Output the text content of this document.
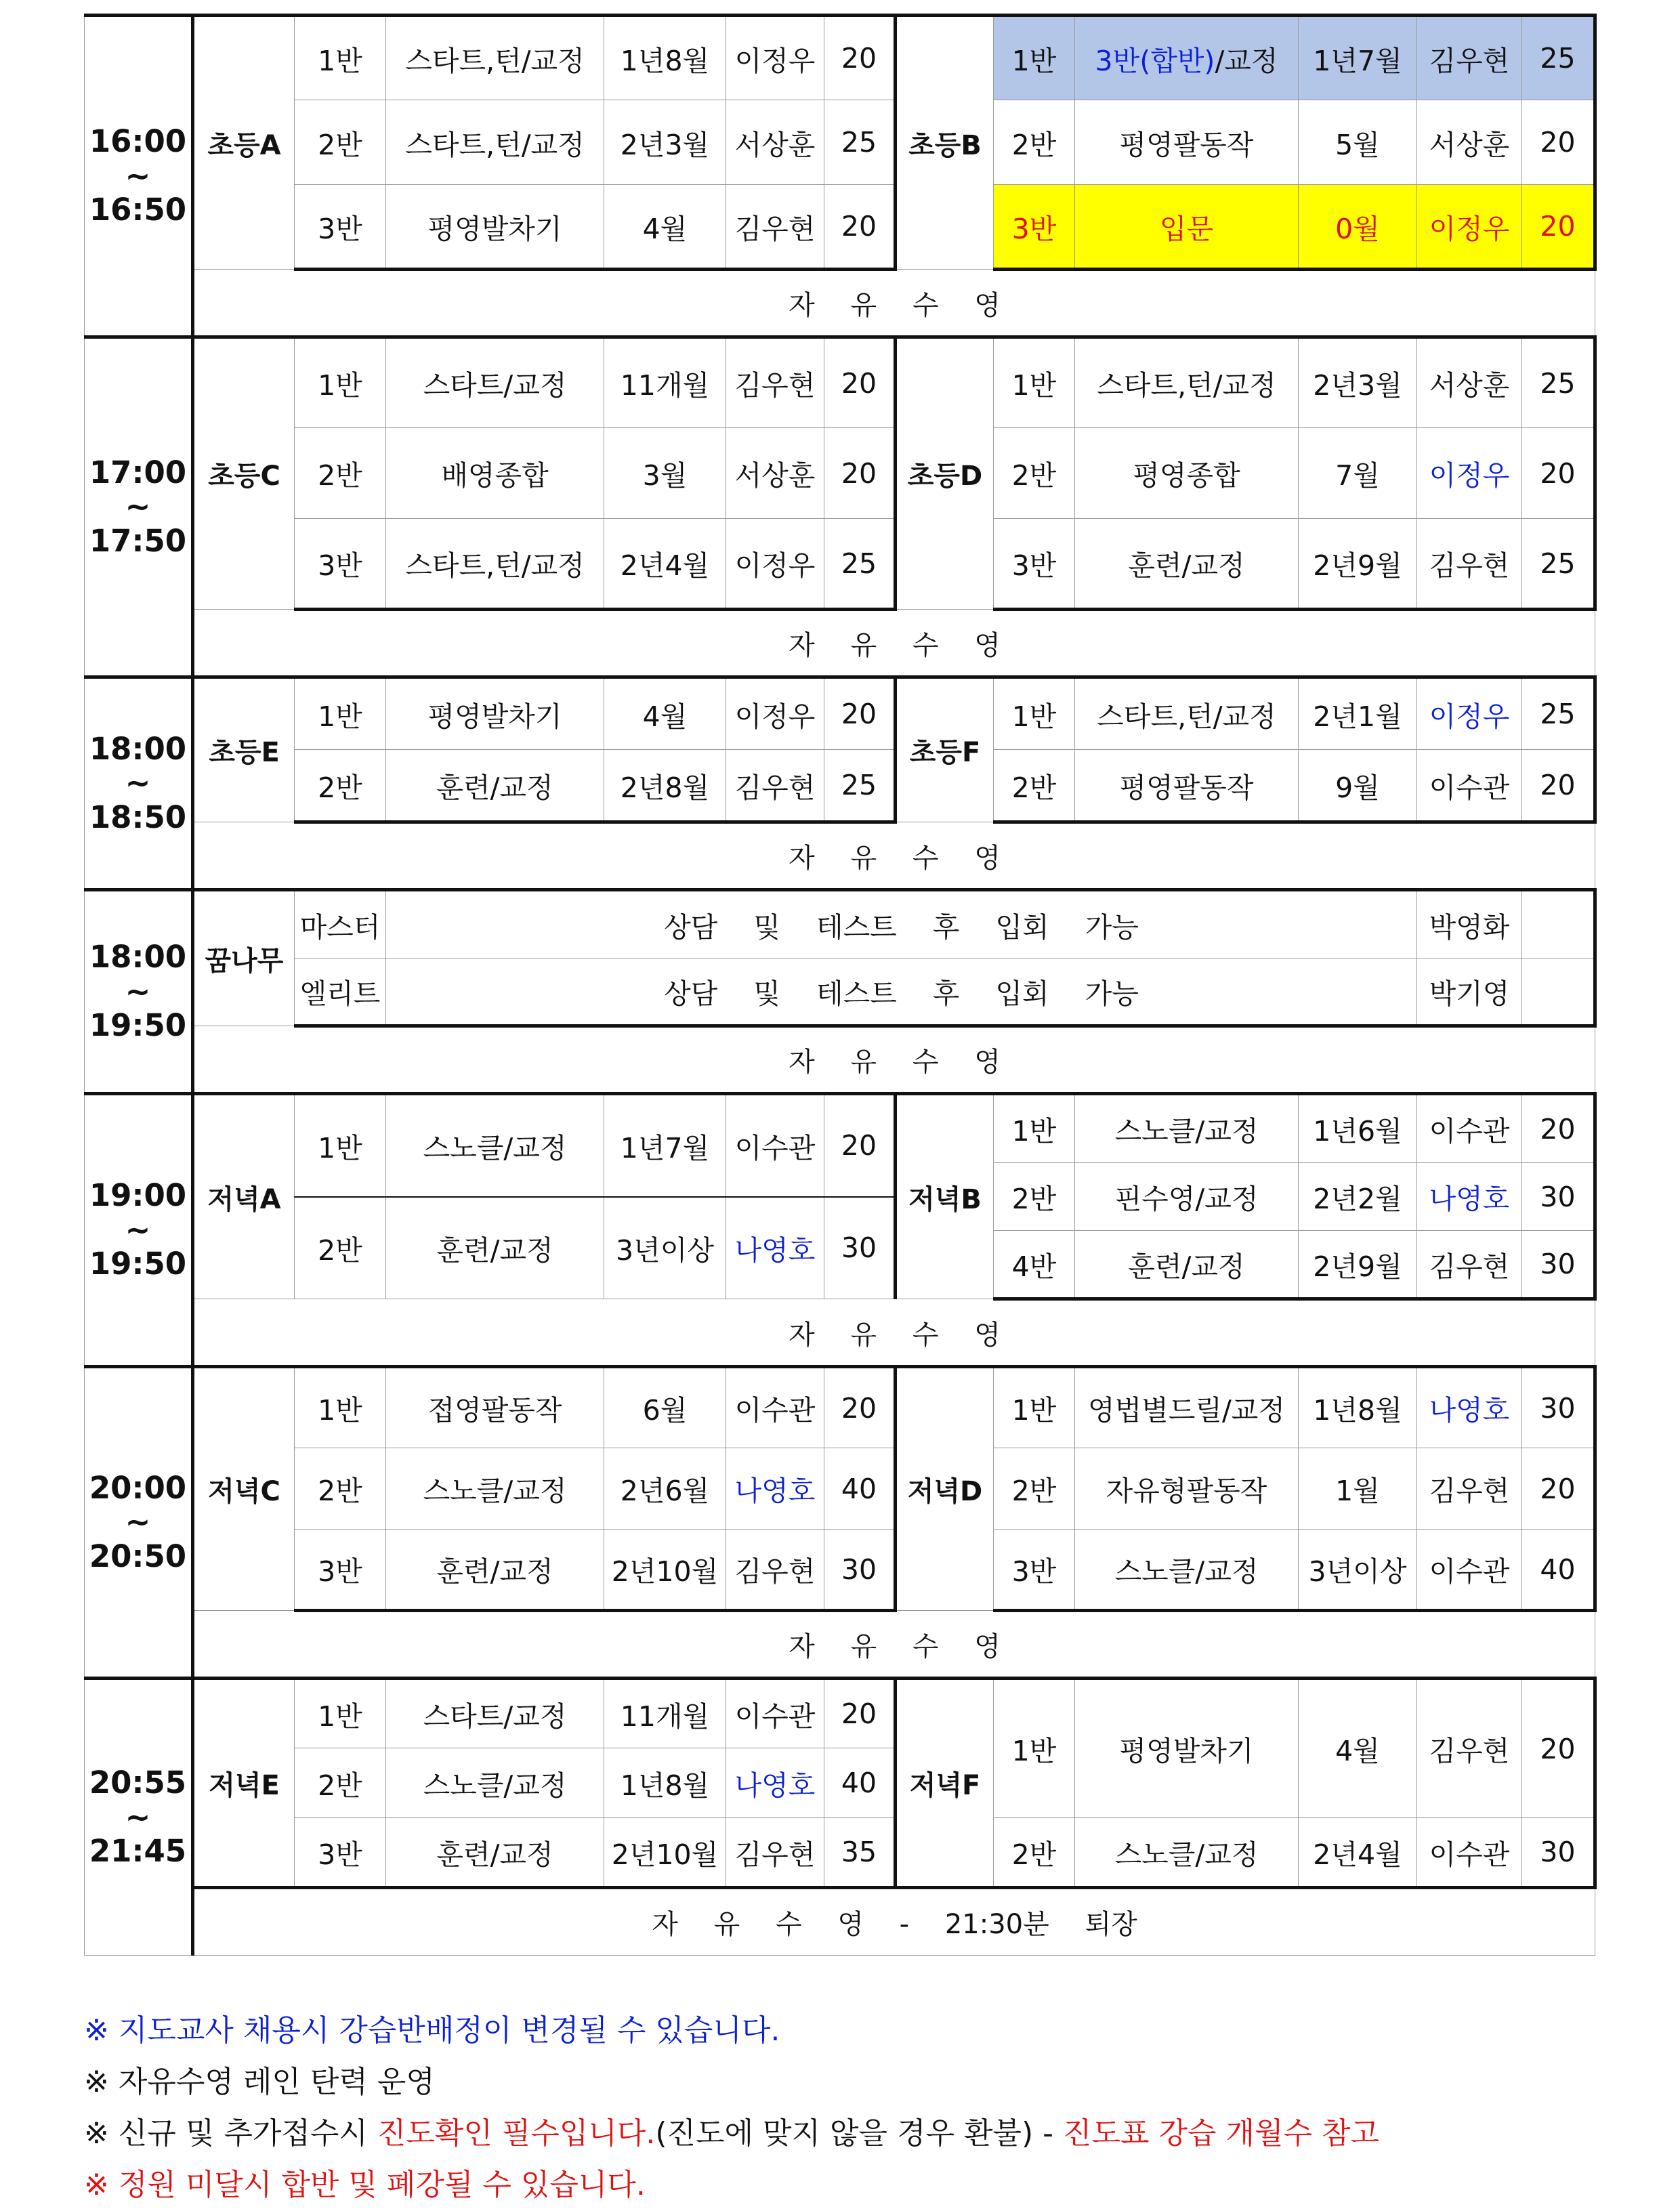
16:00
~
16:50	초등A	1반	스타트,턴/교정	1년8월	이정우	20	초등B	1반	3반(합반)/교정	1년7월	김우현	25
		2반	스타트,턴/교정	2년3월	서상훈	25		2반	평영팔동작	5월	서상훈	20
		3반	평영발차기	4월	김우현	20		3반	입문	0월	이정우	20
	자 유 수 영											
17:00
~
17:50	초등C	1반	스타트/교정	11개월	김우현	20	초등D	1반	스타트,턴/교정	2년3월	서상훈	25
		2반	배영종합	3월	서상훈	20		2반	평영종합	7월	이정우	20
		3반	스타트,턴/교정	2년4월	이정우	25		3반	훈련/교정	2년9월	김우현	25
	자 유 수 영											
18:00
~
18:50	초등E	1반	평영발차기	4월	이정우	20	초등F	1반	스타트,턴/교정	2년1월	이정우	25
		2반	훈련/교정	2년8월	김우현	25		2반	평영팔동작	9월	이수관	20
	자 유 수 영											
18:00
~
19:50	꿈나무	마스터	상담 및 테스트 후 입회 가능								박영화	
		엘리트	상담 및 테스트 후 입회 가능								박기영	
	자 유 수 영											
19:00
~
19:50	저녁A	1반	스노클/교정	1년7월	이수관	20	저녁B	1반	스노클/교정	1년6월	이수관	20
								2반	핀수영/교정	2년2월	나영호	30
		2반	훈련/교정	3년이상	나영호	30						
								4반	훈련/교정	2년9월	김우현	30
	자 유 수 영											
20:00
~
20:50	저녁C	1반	접영팔동작	6월	이수관	20	저녁D	1반	영법별드릴/교정	1년8월	나영호	30
		2반	스노클/교정	2년6월	나영호	40		2반	자유형팔동작	1월	김우현	20
		3반	훈련/교정	2년10월	김우현	30		3반	스노클/교정	3년이상	이수관	40
	자 유 수 영											
20:55
~
21:45	저녁E	1반	스타트/교정	11개월	이수관	20	저녁F	1반	평영발차기	4월	김우현	20

		2반	스노클/교정	1년8월	나영호	40						
								2반	스노클/교정	2년4월	이수관	30
		3반	훈련/교정	2년10월	김우현	35						

	자 유 수 영 - 21:30분 퇴장											
※ 지도교사 채용시 강습반배정이 변경될 수 있습니다.
※ 자유수영 레인 탄력 운영
※ 신규 및 추가접수시 진도확인 필수입니다.(진도에 맞지 않을 경우 환불) - 진도표 강습 개월수 참고
※ 정원 미달시 합반 및 폐강될 수 있습니다.
